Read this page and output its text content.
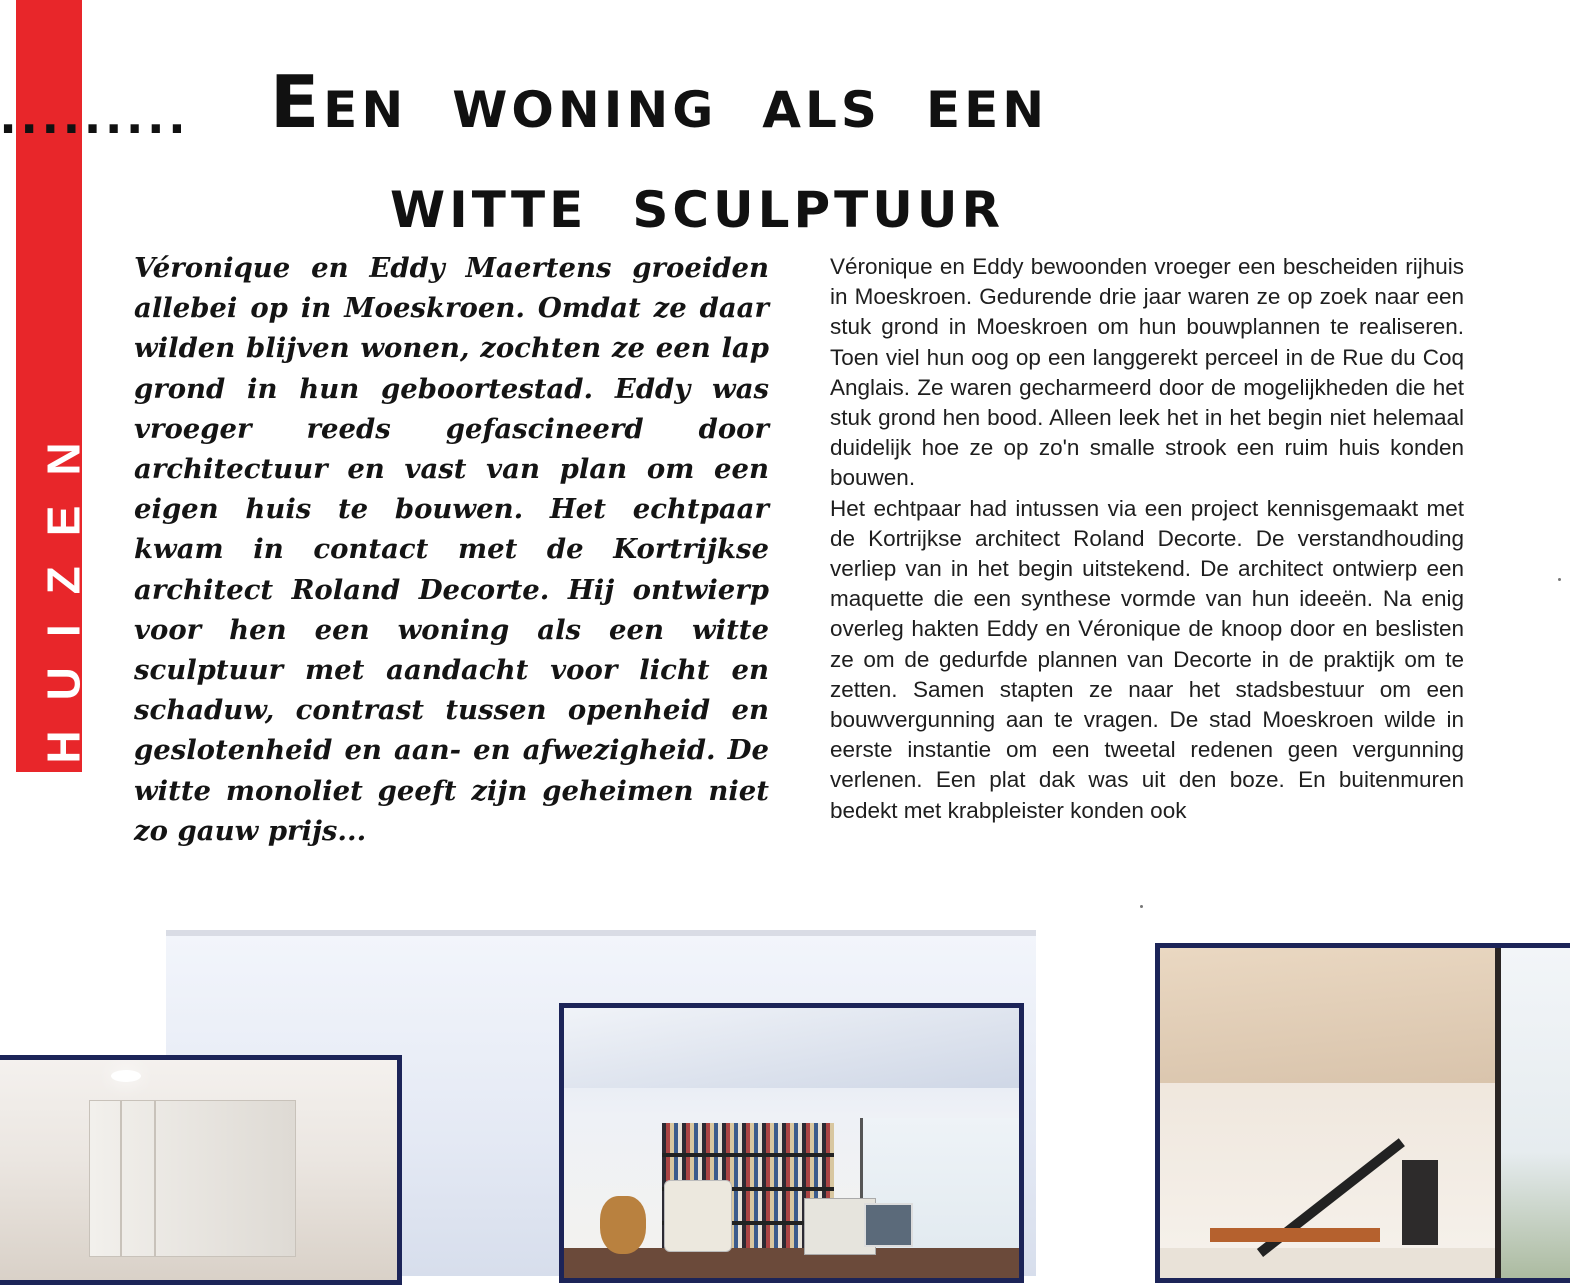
HUIZEN
......... Een woning als een
witte sculptuur
Véronique en Eddy Maertens groeiden allebei op in Moeskroen. Omdat ze daar wilden blijven wonen, zochten ze een lap grond in hun geboortestad. Eddy was vroeger reeds gefascineerd door architectuur en vast van plan om een eigen huis te bouwen. Het echtpaar kwam in contact met de Kortrijkse architect Roland Decorte. Hij ontwierp voor hen een woning als een witte sculptuur met aandacht voor licht en schaduw, contrast tussen openheid en geslotenheid en aan- en afwezigheid. De witte monoliet geeft zijn geheimen niet zo gauw prijs...

Véronique en Eddy bewoonden vroeger een bescheiden rijhuis in Moeskroen. Gedurende drie jaar waren ze op zoek naar een stuk grond in Moeskroen om hun bouwplannen te realiseren. Toen viel hun oog op een langgerekt perceel in de Rue du Coq Anglais. Ze waren gecharmeerd door de mogelijkheden die het stuk grond hen bood. Alleen leek het in het begin niet helemaal duidelijk hoe ze op zo'n smalle strook een ruim huis konden bouwen.

Het echtpaar had intussen via een project kennisgemaakt met de Kortrijkse architect Roland Decorte. De verstandhouding verliep van in het begin uitstekend. De architect ontwierp een maquette die een synthese vormde van hun ideeën. Na enig overleg hakten Eddy en Véronique de knoop door en beslisten ze om de gedurfde plannen van Decorte in de praktijk om te zetten. Samen stapten ze naar het stadsbestuur om een bouwvergunning aan te vragen. De stad Moeskroen wilde in eerste instantie om een tweetal redenen geen vergunning verlenen. Een plat dak was uit den boze. En buitenmuren bedekt met krabpleister konden ook
